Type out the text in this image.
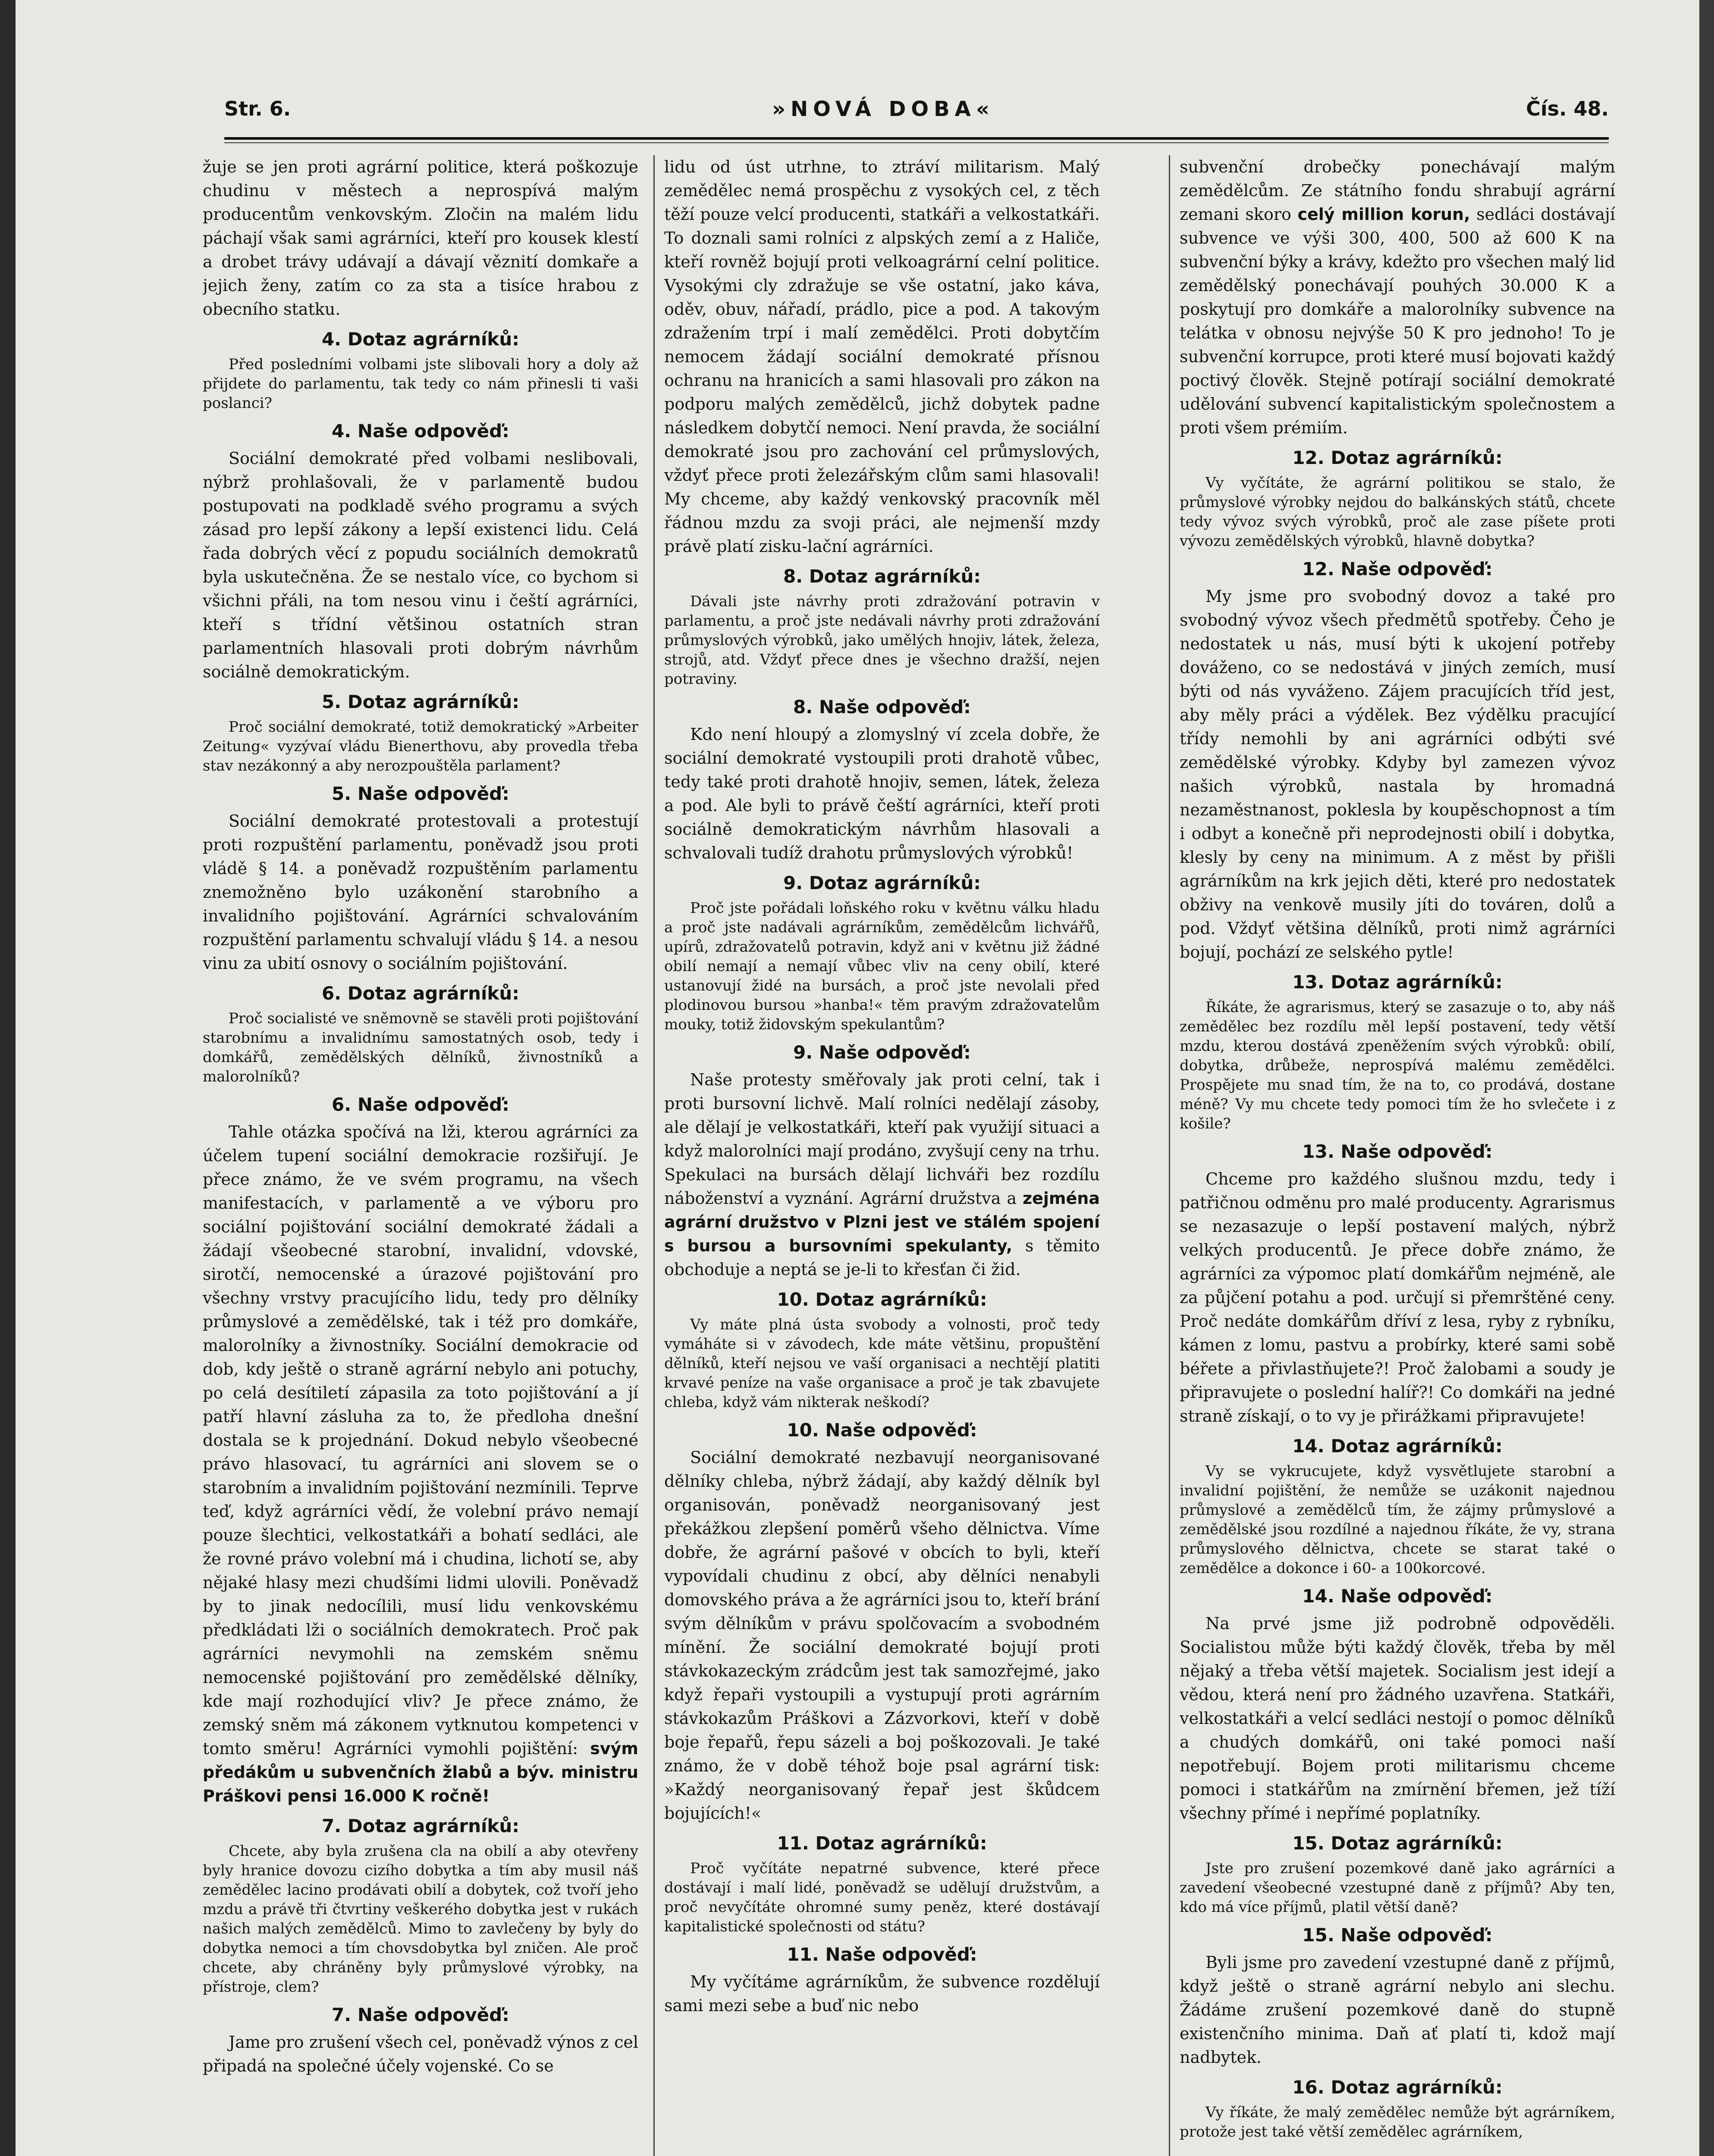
Str. 6.	»NOVÁ DOBA«	Čís. 48.

žuje se jen proti agrární politice, která poškozuje chudinu v městech a neprospívá malým producentům venkovským. Zločin na malém lidu páchají však sami agrárníci, kteří pro kousek klestí a drobet trávy udávají a dávají věznití domkaře a jejich ženy, zatím co za sta a tisíce hrabou z obecního statku.

4. Dotaz agrárníků:

Před posledními volbami jste slibovali hory a doly až přijdete do parlamentu, tak tedy co nám přinesli ti vaši poslanci?

4. Naše odpověď:

Sociální demokraté před volbami neslibovali, nýbrž prohlašovali, že v parlamentě budou postupovati na podkladě svého programu a svých zásad pro lepší zákony a lepší existenci lidu. Celá řada dobrých věcí z popudu sociálních demokratů byla uskutečněna. Že se nestalo více, co bychom si všichni přáli, na tom nesou vinu i čeští agrárníci, kteří s třídní většinou ostatních stran parlamentních hlasovali proti dobrým návrhům sociálně demokratickým.

5. Dotaz agrárníků:

Proč sociální demokraté, totiž demokratický »Arbeiter Zeitung« vyzývaí vládu Bienerthovu, aby provedla třeba stav nezákonný a aby nerozpouštěla parlament?

5. Naše odpověď:

Sociální demokraté protestovali a protestují proti rozpuštění parlamentu, poněvadž jsou proti vládě § 14. a poněvadž rozpuštěním parlamentu znemožněno bylo uzákonění starobního a invalidního pojištování. Agrárníci schvalováním rozpuštění parlamentu schvalují vládu § 14. a nesou vinu za ubití osnovy o sociálním pojištování.

6. Dotaz agrárníků:

Proč socialisté ve sněmovně se stavěli proti pojištování starobnímu a invalidnímu samostatných osob, tedy i domkářů, zemědělských dělníků, živnostníků a malorolníků?

6. Naše odpověď:

Tahle otázka spočívá na lži, kterou agrárníci za účelem tupení sociální demokracie rozšiřují. Je přece známo, že ve svém programu, na všech manifestacích, v parlamentě a ve výboru pro sociální pojištování sociální demokraté žádali a žádají všeobecné starobní, invalidní, vdovské, sirotčí, nemocenské a úrazové pojištování pro všechny vrstvy pracujícího lidu, tedy pro dělníky průmyslové a zemědělské, tak i též pro domkáře, malorolníky a živnostníky. Sociální demokracie od dob, kdy ještě o straně agrární nebylo ani potuchy, po celá desítiletí zápasila za toto pojištování a jí patří hlavní zásluha za to, že předloha dnešní dostala se k projednání. Dokud nebylo všeobecné právo hlasovací, tu agrárníci ani slovem se o starobním a invalidním pojištování nezmínili. Teprve teď, když agrárníci vědí, že volební právo nemají pouze šlechtici, velkostatkáři a bohatí sedláci, ale že rovné právo volební má i chudina, lichotí se, aby nějaké hlasy mezi chudšími lidmi ulovili. Poněvadž by to jinak nedocílili, musí lidu venkovskému předkládati lži o sociálních demokratech. Proč pak agrárníci nevymohli na zemském sněmu nemocenské pojištování pro zemědělské dělníky, kde mají rozhodující vliv? Je přece známo, že zemský sněm má zákonem vytknutou kompetenci v tomto směru! Agrárníci vymohli pojištění: svým předákům u subvenčních žlabů a býv. ministru Práškovi pensi 16.000 K ročně!

7. Dotaz agrárníků:

Chcete, aby byla zrušena cla na obilí a aby otevřeny byly hranice dovozu cizího dobytka a tím aby musil náš zemědělec lacino prodávati obilí a dobytek, což tvoří jeho mzdu a právě tři čtvrtiny veškerého dobytka jest v rukách našich malých zemědělců. Mimo to zavlečeny by byly do dobytka nemoci a tím chovsdobytka byl zničen. Ale proč chcete, aby chráněny byly průmyslové výrobky, na přístroje, clem?

7. Naše odpověď:

Jame pro zrušení všech cel, poněvadž výnos z cel připadá na společné účely vojenské. Co se

lidu od úst utrhne, to ztráví militarism. Malý zemědělec nemá prospěchu z vysokých cel, z těch těží pouze velcí producenti, statkáři a velkostatkáři. To doznali sami rolníci z alpských zemí a z Haliče, kteří rovněž bojují proti velkoagrární celní politice. Vysokými cly zdražuje se vše ostatní, jako káva, oděv, obuv, nářadí, prádlo, pice a pod. A takovým zdražením trpí i malí zemědělci. Proti dobytčím nemocem žádají sociální demokraté přísnou ochranu na hranicích a sami hlasovali pro zákon na podporu malých zemědělců, jichž dobytek padne následkem dobytčí nemoci. Není pravda, že sociální demokraté jsou pro zachování cel průmyslových, vždyť přece proti železářským clům sami hlasovali! My chceme, aby každý venkovský pracovník měl řádnou mzdu za svoji práci, ale nejmenší mzdy právě platí zisku-lační agrárníci.

8. Dotaz agrárníků:

Dávali jste návrhy proti zdražování potravin v parlamentu, a proč jste nedávali návrhy proti zdražování průmyslových výrobků, jako umělých hnojiv, látek, železa, strojů, atd. Vždyť přece dnes je všechno dražší, nejen potraviny.

8. Naše odpověď:

Kdo není hloupý a zlomyslný ví zcela dobře, že sociální demokraté vystoupili proti drahotě vůbec, tedy také proti drahotě hnojiv, semen, látek, železa a pod. Ale byli to právě čeští agrárníci, kteří proti sociálně demokratickým návrhům hlasovali a schvalovali tudíž drahotu průmyslových výrobků!

9. Dotaz agrárníků:

Proč jste pořádali loňského roku v květnu válku hladu a proč jste nadávali agrárníkům, zemědělcům lichvářů, upírů, zdražovatelů potravin, když ani v květnu již žádné obilí nemají a nemají vůbec vliv na ceny obilí, které ustanovují židé na bursách, a proč jste nevolali před plodinovou bursou »hanba!« těm pravým zdražovatelům mouky, totiž židovským spekulantům?

9. Naše odpověď:

Naše protesty směřovaly jak proti celní, tak i proti bursovní lichvě. Malí rolníci nedělají zásoby, ale dělají je velkostatkáři, kteří pak využijí situaci a když malorolníci mají prodáno, zvyšují ceny na trhu. Spekulaci na bursách dělají lichváři bez rozdílu náboženství a vyznání. Agrární družstva a zejména agrární družstvo v Plzni jest ve stálém spojení s bursou a bursovními spekulanty, s těmito obchoduje a neptá se je-li to křesťan či žid.

10. Dotaz agrárníků:

Vy máte plná ústa svobody a volnosti, proč tedy vymáháte si v závodech, kde máte většinu, propuštění dělníků, kteří nejsou ve vaší organisaci a nechtějí platiti krvavé peníze na vaše organisace a proč je tak zbavujete chleba, když vám nikterak neškodí?

10. Naše odpověď:

Sociální demokraté nezbavují neorganisované dělníky chleba, nýbrž žádají, aby každý dělník byl organisován, poněvadž neorganisovaný jest překážkou zlepšení poměrů všeho dělnictva. Víme dobře, že agrární pašové v obcích to byli, kteří vypovídali chudinu z obcí, aby dělníci nenabyli domovského práva a že agrárníci jsou to, kteří brání svým dělníkům v právu spolčovacím a svobodném mínění. Že sociální demokraté bojují proti stávkokazeckým zrádcům jest tak samozřejmé, jako když řepaři vystoupili a vystupují proti agrárním stávkokazům Práškovi a Zázvorkovi, kteří v době boje řepařů, řepu sázeli a boj poškozovali. Je také známo, že v době téhož boje psal agrární tisk: »Každý neorganisovaný řepař jest škůdcem bojujících!«

11. Dotaz agrárníků:

Proč vyčítáte nepatrné subvence, které přece dostávají i malí lidé, poněvadž se udělují družstvům, a proč nevyčítáte ohromné sumy peněz, které dostávají kapitalistické společnosti od státu?

11. Naše odpověď:

My vyčítáme agrárníkům, že subvence rozdělují sami mezi sebe a buď nic nebo

subvenční drobečky ponechávají malým zemědělcům. Ze státního fondu shrabují agrární zemani skoro celý million korun, sedláci dostávají subvence ve výši 300, 400, 500 až 600 K na subvenční býky a krávy, kdežto pro všechen malý lid zemědělský ponechávají pouhých 30.000 K a poskytují pro domkáře a malorolníky subvence na telátka v obnosu nejvýše 50 K pro jednoho! To je subvenční korrupce, proti které musí bojovati každý poctivý člověk. Stejně potírají sociální demokraté udělování subvencí kapitalistickým společnostem a proti všem prémiím.

12. Dotaz agrárníků:

Vy vyčítáte, že agrární politikou se stalo, že průmyslové výrobky nejdou do balkánských států, chcete tedy vývoz svých výrobků, proč ale zase píšete proti vývozu zemědělských výrobků, hlavně dobytka?

12. Naše odpověď:

My jsme pro svobodný dovoz a také pro svobodný vývoz všech předmětů spotřeby. Čeho je nedostatek u nás, musí býti k ukojení potřeby dováženo, co se nedostává v jiných zemích, musí býti od nás vyváženo. Zájem pracujících tříd jest, aby měly práci a výdělek. Bez výdělku pracující třídy nemohli by ani agrárníci odbýti své zemědělské výrobky. Kdyby byl zamezen vývoz našich výrobků, nastala by hromadná nezaměstnanost, poklesla by koupěschopnost a tím i odbyt a konečně při neprodejnosti obilí i dobytka, klesly by ceny na minimum. A z měst by přišli agrárníkům na krk jejich děti, které pro nedostatek obživy na venkově musily jíti do továren, dolů a pod. Vždyť většina dělníků, proti nimž agrárníci bojují, pochází ze selského pytle!

13. Dotaz agrárníků:

Říkáte, že agrarismus, který se zasazuje o to, aby náš zemědělec bez rozdílu měl lepší postavení, tedy větší mzdu, kterou dostává zpeněžením svých výrobků: obilí, dobytka, drůbeže, neprospívá malému zemědělci. Prospějete mu snad tím, že na to, co prodává, dostane méně? Vy mu chcete tedy pomoci tím že ho svlečete i z košile?

13. Naše odpověď:

Chceme pro každého slušnou mzdu, tedy i patřičnou odměnu pro malé producenty. Agrarismus se nezasazuje o lepší postavení malých, nýbrž velkých producentů. Je přece dobře známo, že agrárníci za výpomoc platí domkářům nejméně, ale za půjčení potahu a pod. určují si přemrštěné ceny. Proč nedáte domkářům dříví z lesa, ryby z rybníku, kámen z lomu, pastvu a probírky, které sami sobě béřete a přivlastňujete?! Proč žalobami a soudy je připravujete o poslední halíř?! Co domkáři na jedné straně získají, o to vy je přirážkami připravujete!

14. Dotaz agrárníků:

Vy se vykrucujete, když vysvětlujete starobní a invalidní pojištění, že nemůže se uzákonit najednou průmyslové a zemědělců tím, že zájmy průmyslové a zemědělské jsou rozdílné a najednou říkáte, že vy, strana průmyslového dělnictva, chcete se starat také o zemědělce a dokonce i 60- a 100korcové.

14. Naše odpověď:

Na prvé jsme již podrobně odpověděli. Socialistou může býti každý člověk, třeba by měl nějaký a třeba větší majetek. Socialism jest idejí a vědou, která není pro žádného uzavřena. Statkáři, velkostatkáři a velcí sedláci nestojí o pomoc dělníků a chudých domkářů, oni také pomoci naší nepotřebují. Bojem proti militarismu chceme pomoci i statkářům na zmírnění břemen, jež tíží všechny přímé i nepřímé poplatníky.

15. Dotaz agrárníků:

Jste pro zrušení pozemkové daně jako agrárníci a zavedení všeobecné vzestupné daně z příjmů? Aby ten, kdo má více příjmů, platil větší daně?

15. Naše odpověď:

Byli jsme pro zavedení vzestupné daně z příjmů, když ještě o straně agrární nebylo ani slechu. Žádáme zrušení pozemkové daně do stupně existenčního minima. Daň ať platí ti, kdož mají nadbytek.

16. Dotaz agrárníků:

Vy říkáte, že malý zemědělec nemůže být agrárníkem, protože jest také větší zemědělec agrárníkem,
